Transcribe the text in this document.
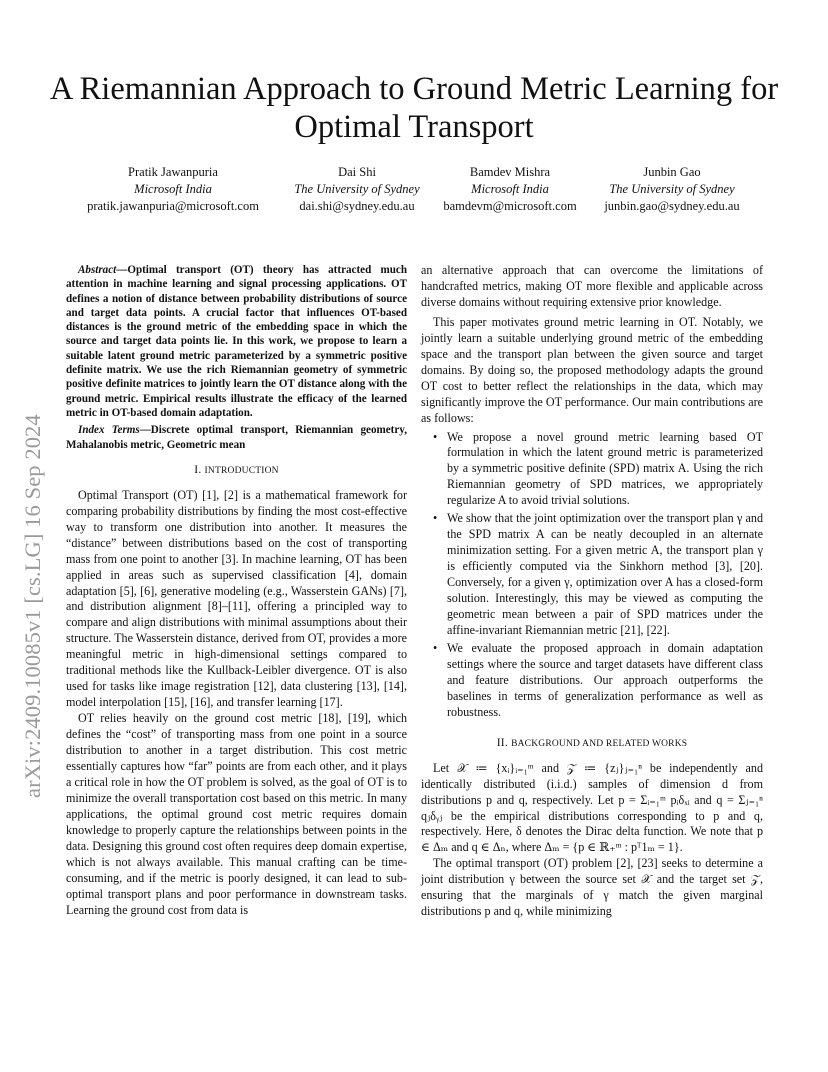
A Riemannian Approach to Ground Metric Learning for Optimal Transport
Pratik Jawanpuria
Microsoft India
pratik.jawanpuria@microsoft.com
Dai Shi
The University of Sydney
dai.shi@sydney.edu.au
Bamdev Mishra
Microsoft India
bamdevm@microsoft.com
Junbin Gao
The University of Sydney
junbin.gao@sydney.edu.au
arXiv:2409.10085v1 [cs.LG] 16 Sep 2024

Abstract—Optimal transport (OT) theory has attracted much attention in machine learning and signal processing applications. OT defines a notion of distance between probability distributions of source and target data points. A crucial factor that influences OT-based distances is the ground metric of the embedding space in which the source and target data points lie. In this work, we propose to learn a suitable latent ground metric parameterized by a symmetric positive definite matrix. We use the rich Riemannian geometry of symmetric positive definite matrices to jointly learn the OT distance along with the ground metric. Empirical results illustrate the efficacy of the learned metric in OT-based domain adaptation.

Index Terms—Discrete optimal transport, Riemannian geometry, Mahalanobis metric, Geometric mean

I. INTRODUCTION

Optimal Transport (OT) [1], [2] is a mathematical framework for comparing probability distributions by finding the most cost-effective way to transform one distribution into another. It measures the “distance” between distributions based on the cost of transporting mass from one point to another [3]. In machine learning, OT has been applied in areas such as supervised classification [4], domain adaptation [5], [6], generative modeling (e.g., Wasserstein GANs) [7], and distribution alignment [8]–[11], offering a principled way to compare and align distributions with minimal assumptions about their structure. The Wasserstein distance, derived from OT, provides a more meaningful metric in high-dimensional settings compared to traditional methods like the Kullback-Leibler divergence. OT is also used for tasks like image registration [12], data clustering [13], [14], model interpolation [15], [16], and transfer learning [17].

OT relies heavily on the ground cost metric [18], [19], which defines the “cost” of transporting mass from one point in a source distribution to another in a target distribution. This cost metric essentially captures how “far” points are from each other, and it plays a critical role in how the OT problem is solved, as the goal of OT is to minimize the overall transportation cost based on this metric. In many applications, the optimal ground cost metric requires domain knowledge to properly capture the relationships between points in the data. Designing this ground cost often requires deep domain expertise, which is not always available. This manual crafting can be time-consuming, and if the metric is poorly designed, it can lead to sub-optimal transport plans and poor performance in downstream tasks. Learning the ground cost from data is

an alternative approach that can overcome the limitations of handcrafted metrics, making OT more flexible and applicable across diverse domains without requiring extensive prior knowledge.

This paper motivates ground metric learning in OT. Notably, we jointly learn a suitable underlying ground metric of the embedding space and the transport plan between the given source and target domains. By doing so, the proposed methodology adapts the ground OT cost to better reflect the relationships in the data, which may significantly improve the OT performance. Our main contributions are as follows:

• We propose a novel ground metric learning based OT formulation in which the latent ground metric is parameterized by a symmetric positive definite (SPD) matrix A. Using the rich Riemannian geometry of SPD matrices, we appropriately regularize A to avoid trivial solutions.
• We show that the joint optimization over the transport plan γ and the SPD matrix A can be neatly decoupled in an alternate minimization setting. For a given metric A, the transport plan γ is efficiently computed via the Sinkhorn method [3], [20]. Conversely, for a given γ, optimization over A has a closed-form solution. Interestingly, this may be viewed as computing the geometric mean between a pair of SPD matrices under the affine-invariant Riemannian metric [21], [22].
• We evaluate the proposed approach in domain adaptation settings where the source and target datasets have different class and feature distributions. Our approach outperforms the baselines in terms of generalization performance as well as robustness.
II. BACKGROUND AND RELATED WORKS

Let 𝒳 ≔ {xᵢ}ᵢ₌₁ᵐ and 𝒵 ≔ {zⱼ}ⱼ₌₁ⁿ be independently and identically distributed (i.i.d.) samples of dimension d from distributions p and q, respectively. Let p = Σᵢ₌₁ᵐ pᵢδₓᵢ and q = Σⱼ₌₁ⁿ qⱼδᵧⱼ be the empirical distributions corresponding to p and q, respectively. Here, δ denotes the Dirac delta function. We note that p ∈ Δₘ and q ∈ Δₙ, where Δₘ = {p ∈ ℝ₊ᵐ : pᵀ1ₘ = 1}.

The optimal transport (OT) problem [2], [23] seeks to determine a joint distribution γ between the source set 𝒳 and the target set 𝒵, ensuring that the marginals of γ match the given marginal distributions p and q, while minimizing
